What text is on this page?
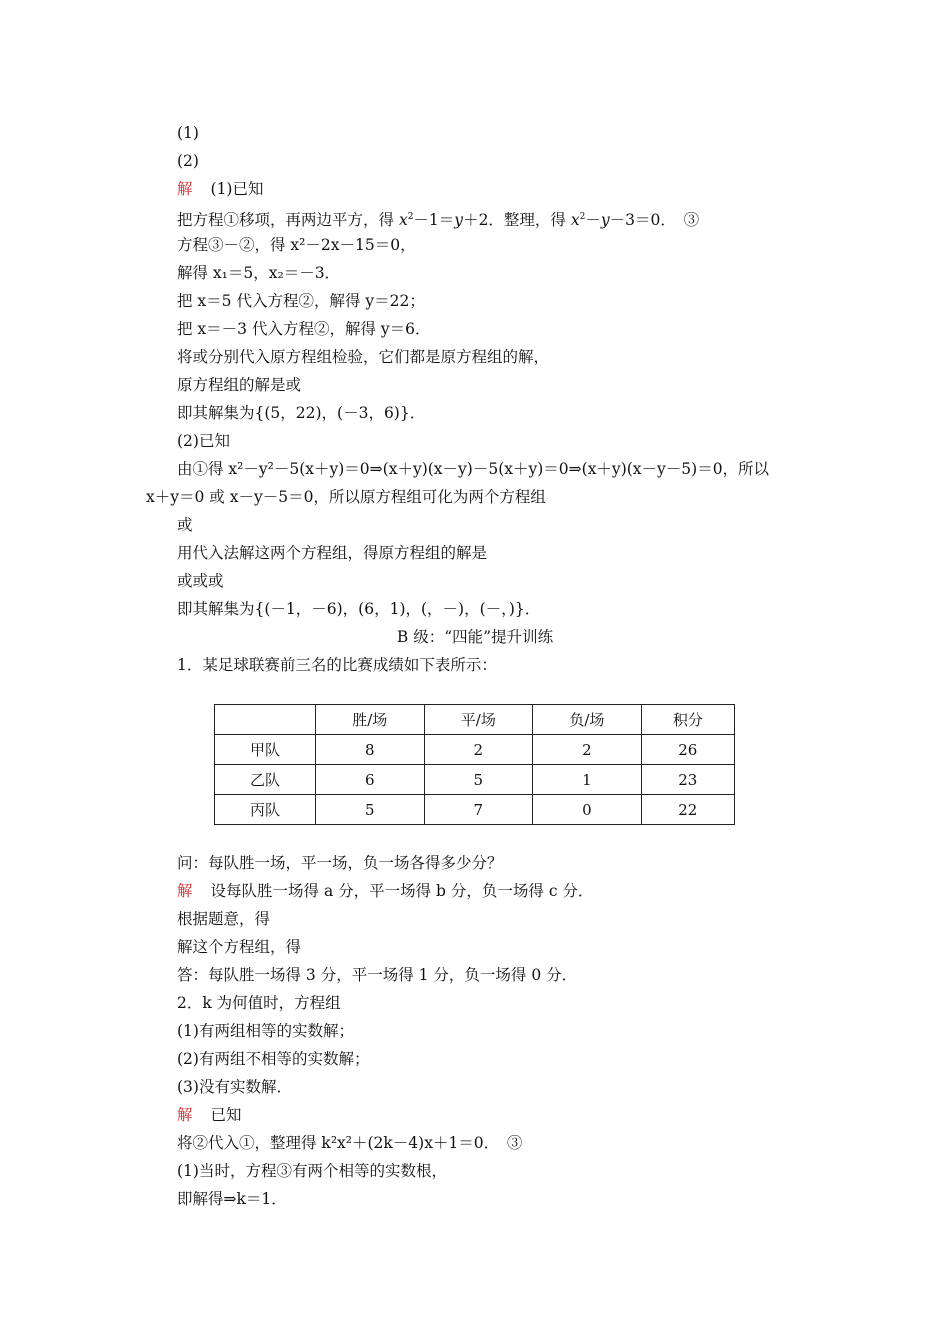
(1)
(2)
解 (1)已知
把方程①移项，再两边平方，得 $x^2-1=y+2$．整理，得 $x^2-y-3=0$．　③
方程③－②，得 x²－2x－15＝0，
解得 x₁＝5，x₂＝－3．
把 x＝5 代入方程②，解得 y＝22；
把 x＝－3 代入方程②，解得 y＝6．
将或分别代入原方程组检验，它们都是原方程组的解，
原方程组的解是或
即其解集为{(5，22)，(－3，6)}．
(2)已知
由①得 x²－y²－5(x＋y)＝0⇒(x＋y)(x－y)－5(x＋y)＝0⇒(x＋y)(x－y－5)＝0，所以
x＋y＝0 或 x－y－5＝0，所以原方程组可化为两个方程组
或
用代入法解这两个方程组，得原方程组的解是
或或或
即其解集为{(－1，－6)，(6，1)，(，－)，(－，)}．
B 级：“四能”提升训练
1．某足球联赛前三名的比赛成绩如下表所示：
	胜/场	平/场	负/场	积分
甲队	8	2	2	26
乙队	6	5	1	23
丙队	5	7	0	22
问：每队胜一场，平一场，负一场各得多少分？
解 设每队胜一场得 a 分，平一场得 b 分，负一场得 c 分．
根据题意，得
解这个方程组，得
答：每队胜一场得 3 分，平一场得 1 分，负一场得 0 分．
2．k 为何值时，方程组
(1)有两组相等的实数解；
(2)有两组不相等的实数解；
(3)没有实数解．
解 已知
将②代入①，整理得 k²x²＋(2k－4)x＋1＝0．　③
(1)当时，方程③有两个相等的实数根，
即解得⇒k＝1．
